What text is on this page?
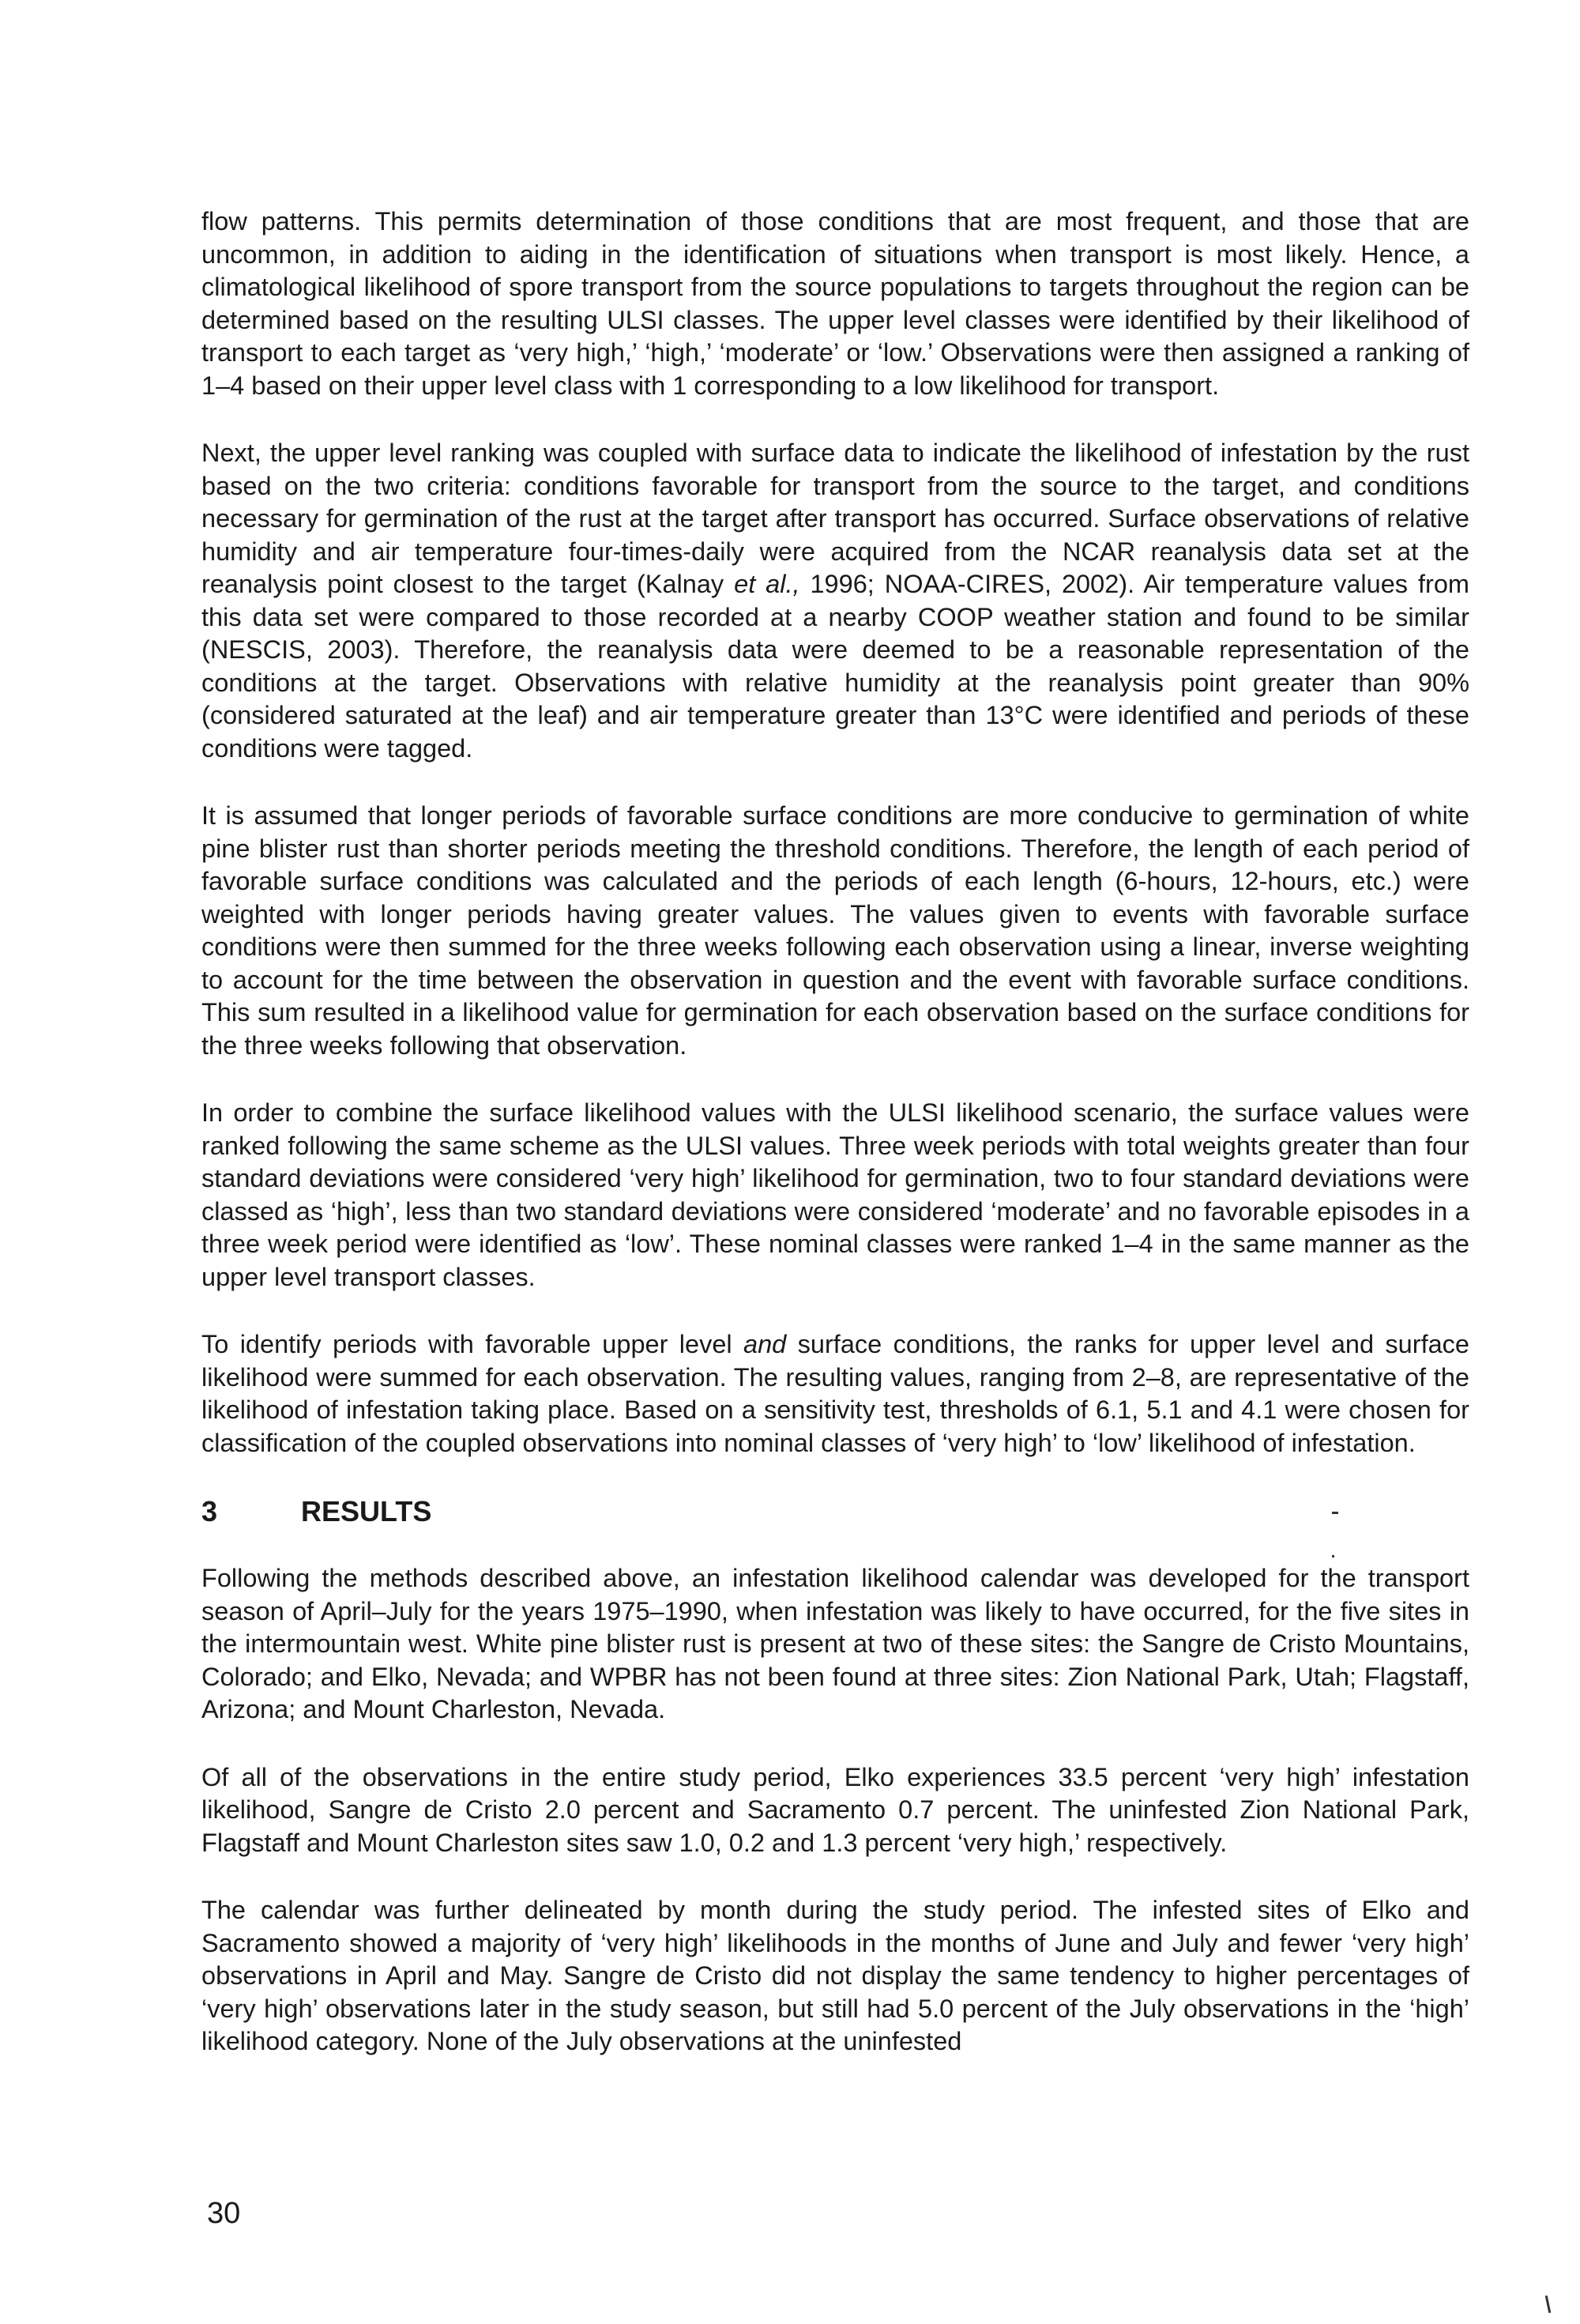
flow patterns. This permits determination of those conditions that are most frequent, and those that are uncommon, in addition to aiding in the identification of situations when transport is most likely. Hence, a climatological likelihood of spore transport from the source populations to targets throughout the region can be determined based on the resulting ULSI classes. The upper level classes were identified by their likelihood of transport to each target as ‘very high,’ ‘high,’ ‘moderate’ or ‘low.’ Observations were then assigned a ranking of 1–4 based on their upper level class with 1 corresponding to a low likelihood for transport.

Next, the upper level ranking was coupled with surface data to indicate the likelihood of infestation by the rust based on the two criteria: conditions favorable for transport from the source to the target, and conditions necessary for germination of the rust at the target after transport has occurred. Surface observations of relative humidity and air temperature four-times-daily were acquired from the NCAR reanalysis data set at the reanalysis point closest to the target (Kalnay et al., 1996; NOAA-CIRES, 2002). Air temperature values from this data set were compared to those recorded at a nearby COOP weather station and found to be similar (NESCIS, 2003). Therefore, the reanalysis data were deemed to be a reasonable representation of the conditions at the target. Observations with relative humidity at the reanalysis point greater than 90% (considered saturated at the leaf) and air temperature greater than 13°C were identified and periods of these conditions were tagged.

It is assumed that longer periods of favorable surface conditions are more conducive to germination of white pine blister rust than shorter periods meeting the threshold conditions. Therefore, the length of each period of favorable surface conditions was calculated and the periods of each length (6-hours, 12-hours, etc.) were weighted with longer periods having greater values. The values given to events with favorable surface conditions were then summed for the three weeks following each observation using a linear, inverse weighting to account for the time between the observation in question and the event with favorable surface conditions. This sum resulted in a likelihood value for germination for each observation based on the surface conditions for the three weeks following that observation.

In order to combine the surface likelihood values with the ULSI likelihood scenario, the surface values were ranked following the same scheme as the ULSI values. Three week periods with total weights greater than four standard deviations were considered ‘very high’ likelihood for germination, two to four standard deviations were classed as ‘high’, less than two standard deviations were considered ‘moderate’ and no favorable episodes in a three week period were identified as ‘low’. These nominal classes were ranked 1–4 in the same manner as the upper level transport classes.

To identify periods with favorable upper level and surface conditions, the ranks for upper level and surface likelihood were summed for each observation. The resulting values, ranging from 2–8, are representative of the likelihood of infestation taking place. Based on a sensitivity test, thresholds of 6.1, 5.1 and 4.1 were chosen for classification of the coupled observations into nominal classes of ‘very high’ to ‘low’ likelihood of infestation.

3	RESULTS

Following the methods described above, an infestation likelihood calendar was developed for the transport season of April–July for the years 1975–1990, when infestation was likely to have occurred, for the five sites in the intermountain west. White pine blister rust is present at two of these sites: the Sangre de Cristo Mountains, Colorado; and Elko, Nevada; and WPBR has not been found at three sites: Zion National Park, Utah; Flagstaff, Arizona; and Mount Charleston, Nevada.

Of all of the observations in the entire study period, Elko experiences 33.5 percent ‘very high’ infestation likelihood, Sangre de Cristo 2.0 percent and Sacramento 0.7 percent. The uninfested Zion National Park, Flagstaff and Mount Charleston sites saw 1.0, 0.2 and 1.3 percent ‘very high,’ respectively.

The calendar was further delineated by month during the study period. The infested sites of Elko and Sacramento showed a majority of ‘very high’ likelihoods in the months of June and July and fewer ‘very high’ observations in April and May. Sangre de Cristo did not display the same tendency to higher percentages of ‘very high’ observations later in the study season, but still had 5.0 percent of the July observations in the ‘high’ likelihood category. None of the July observations at the uninfested

30
